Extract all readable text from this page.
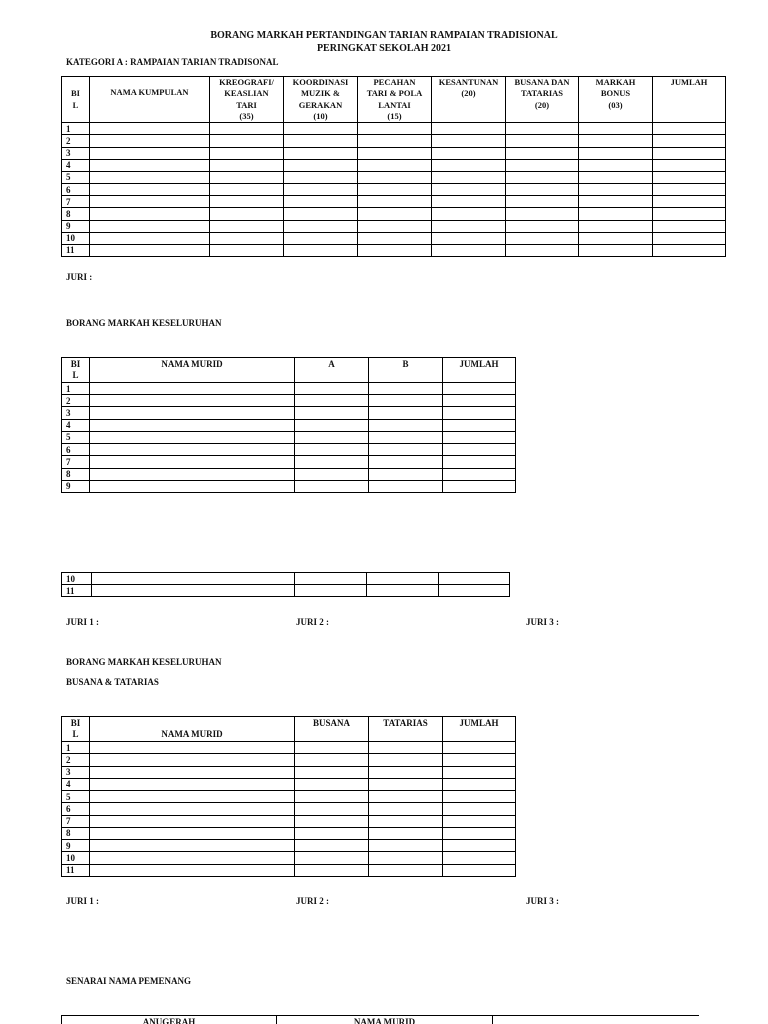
BORANG MARKAH PERTANDINGAN TARIAN RAMPAIAN TRADISIONAL
PERINGKAT SEKOLAH 2021
KATEGORI A : RAMPAIAN TARIAN TRADISONAL
BI
L	NAMA KUMPULAN	KREOGRAFI/
KEASLIAN
TARI
(35)	KOORDINASI
MUZIK &
GERAKAN
(10)	PECAHAN
TARI & POLA
LANTAI
(15)	KESANTUNAN
(20)	BUSANA DAN
TATARIAS
(20)	MARKAH
BONUS
(03)	JUMLAH
1								
2								
3								
4								
5								
6								
7								
8								
9								
10								
11								
JURI :
BORANG MARKAH KESELURUHAN
BI
L	NAMA MURID	A	B	JUMLAH
1				
2				
3				
4				
5				
6				
7				
8				
9				
10				
11				
JURI 1 :	JURI 2 :	JURI 3 :
BORANG MARKAH KESELURUHAN
BUSANA & TATARIAS
BI
L	NAMA MURID	BUSANA	TATARIAS	JUMLAH
1				
2				
3				
4				
5				
6				
7				
8				
9				
10				
11				
JURI 1 :	JURI 2 :	JURI 3 :
SENARAI NAMA PEMENANG
ANUGERAH	NAMA MURID	
